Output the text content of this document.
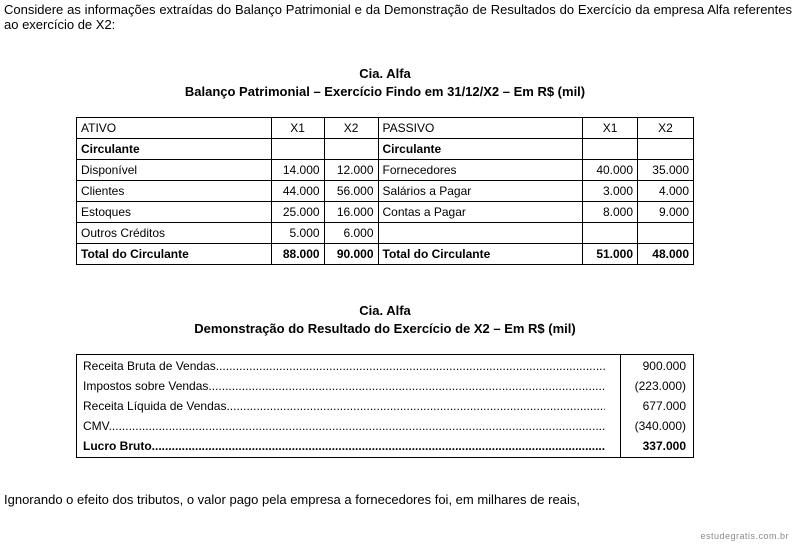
Considere as informações extraídas do Balanço Patrimonial e da Demonstração de Resultados do Exercício da empresa Alfa referentes ao exercício de X2:
Cia. Alfa
Balanço Patrimonial – Exercício Findo em 31/12/X2 – Em R$ (mil)
ATIVO	X1	X2	PASSIVO	X1	X2
Circulante			Circulante		
Disponível	14.000	12.000	Fornecedores	40.000	35.000
Clientes	44.000	56.000	Salários a Pagar	3.000	4.000
Estoques	25.000	16.000	Contas a Pagar	8.000	9.000
Outros Créditos	5.000	6.000			
Total do Circulante	88.000	90.000	Total do Circulante	51.000	48.000
Cia. Alfa
Demonstração do Resultado do Exercício de X2 – Em R$ (mil)
Receita Bruta de Vendas .....	900.000
Impostos sobre Vendas .....	(223.000)
Receita Líquida de Vendas .....	677.000
CMV .....	(340.000)
Lucro Bruto .....	337.000
Ignorando o efeito dos tributos, o valor pago pela empresa a fornecedores foi, em milhares de reais,
estudegratis.com.br
